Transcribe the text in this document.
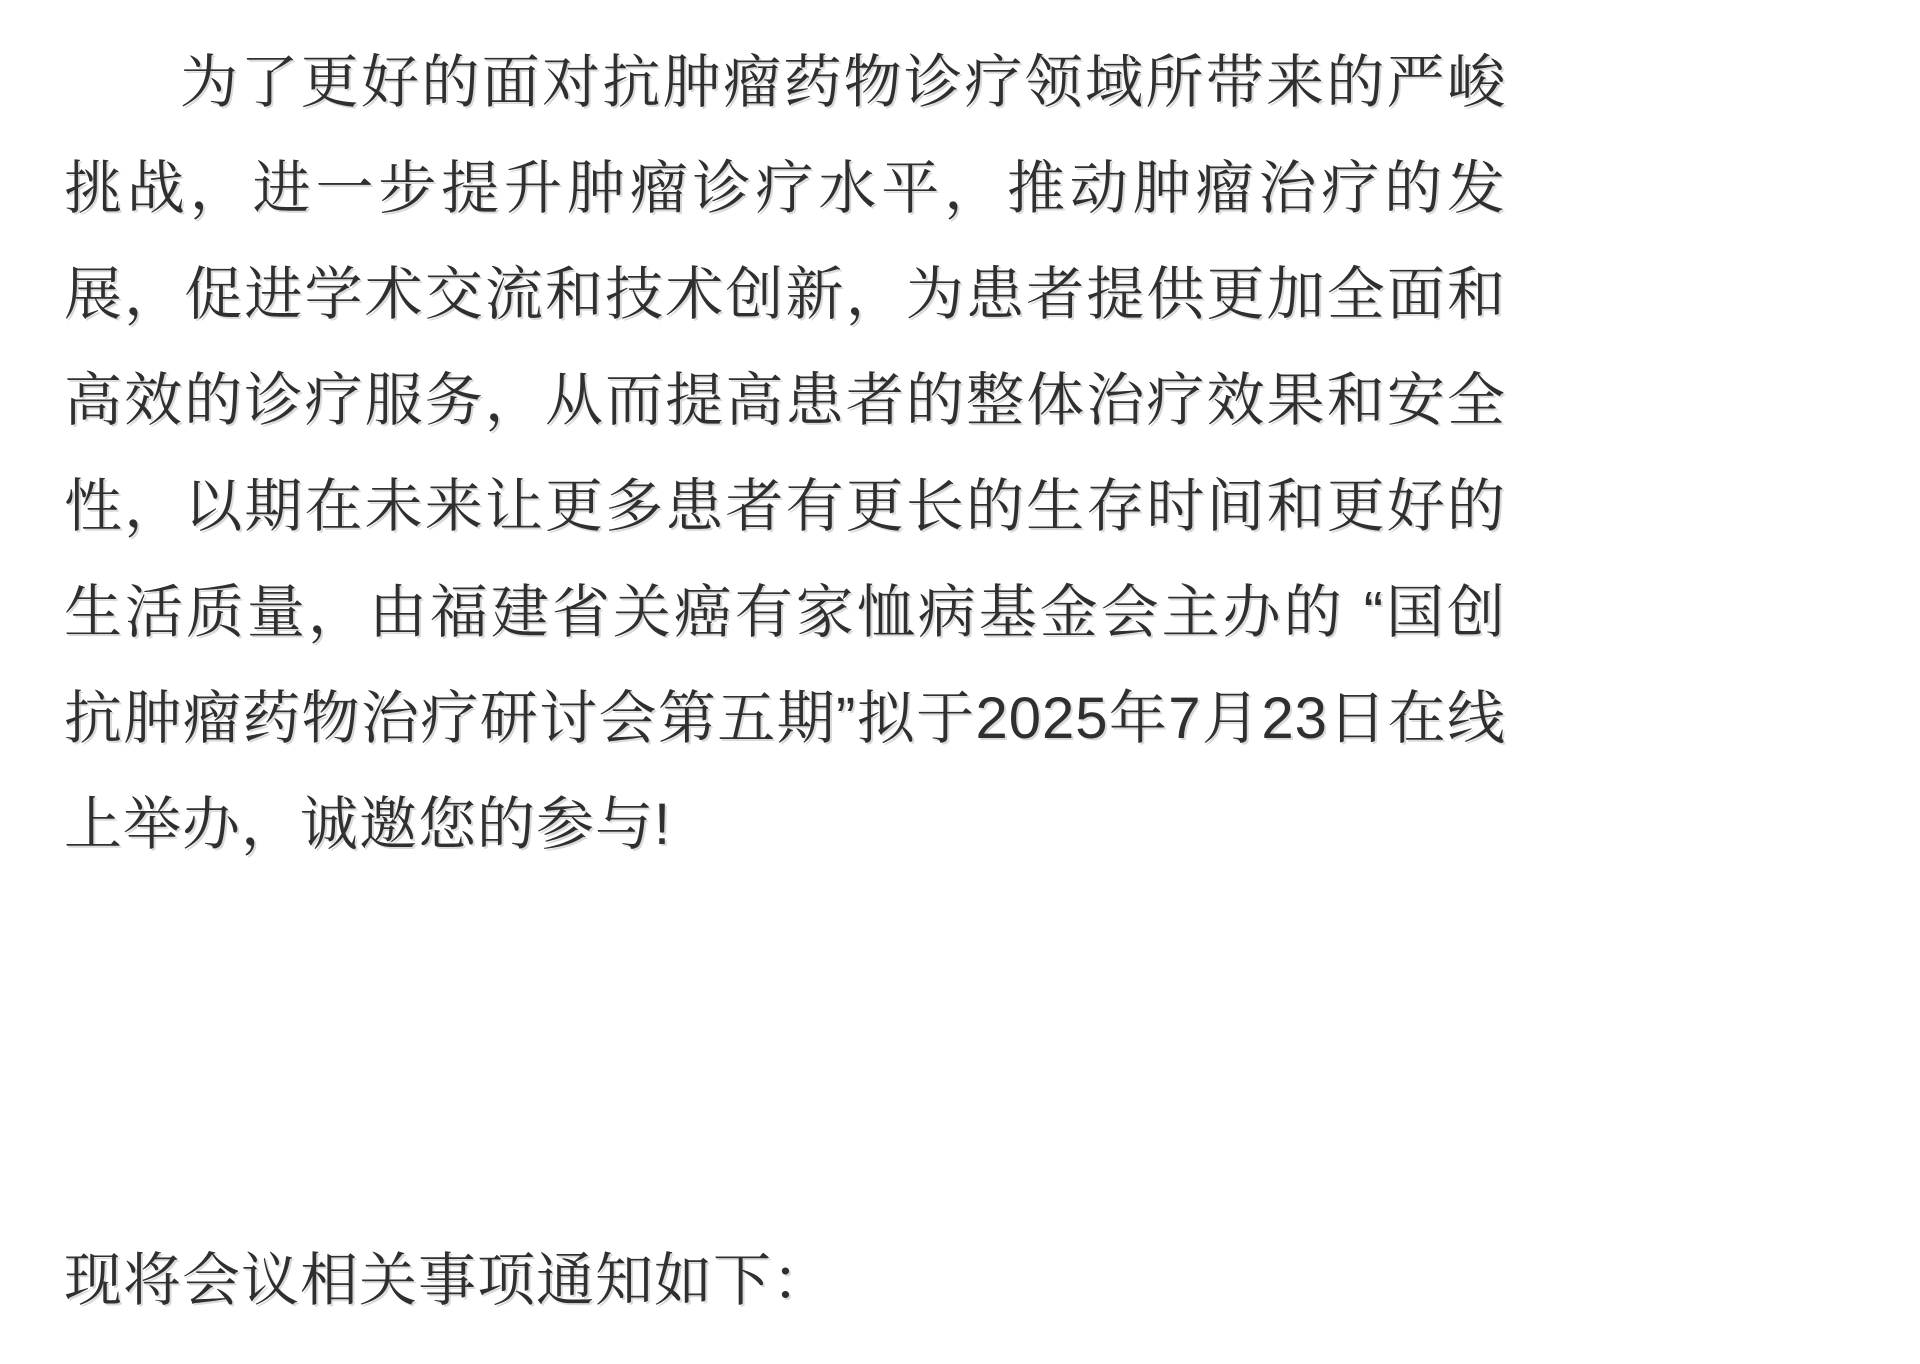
为了更好的面对抗肿瘤药物诊疗领域所带来的严峻挑战，进一步提升肿瘤诊疗水平，推动肿瘤治疗的发展，促进学术交流和技术创新，为患者提供更加全面和高效的诊疗服务，从而提高患者的整体治疗效果和安全性，以期在未来让更多患者有更长的生存时间和更好的生活质量，由福建省关癌有家恤病基金会主办的 “国创抗肿瘤药物治疗研讨会第五期”拟于2025年7月23日在线上举办，诚邀您的参与!

现将会议相关事项通知如下：
